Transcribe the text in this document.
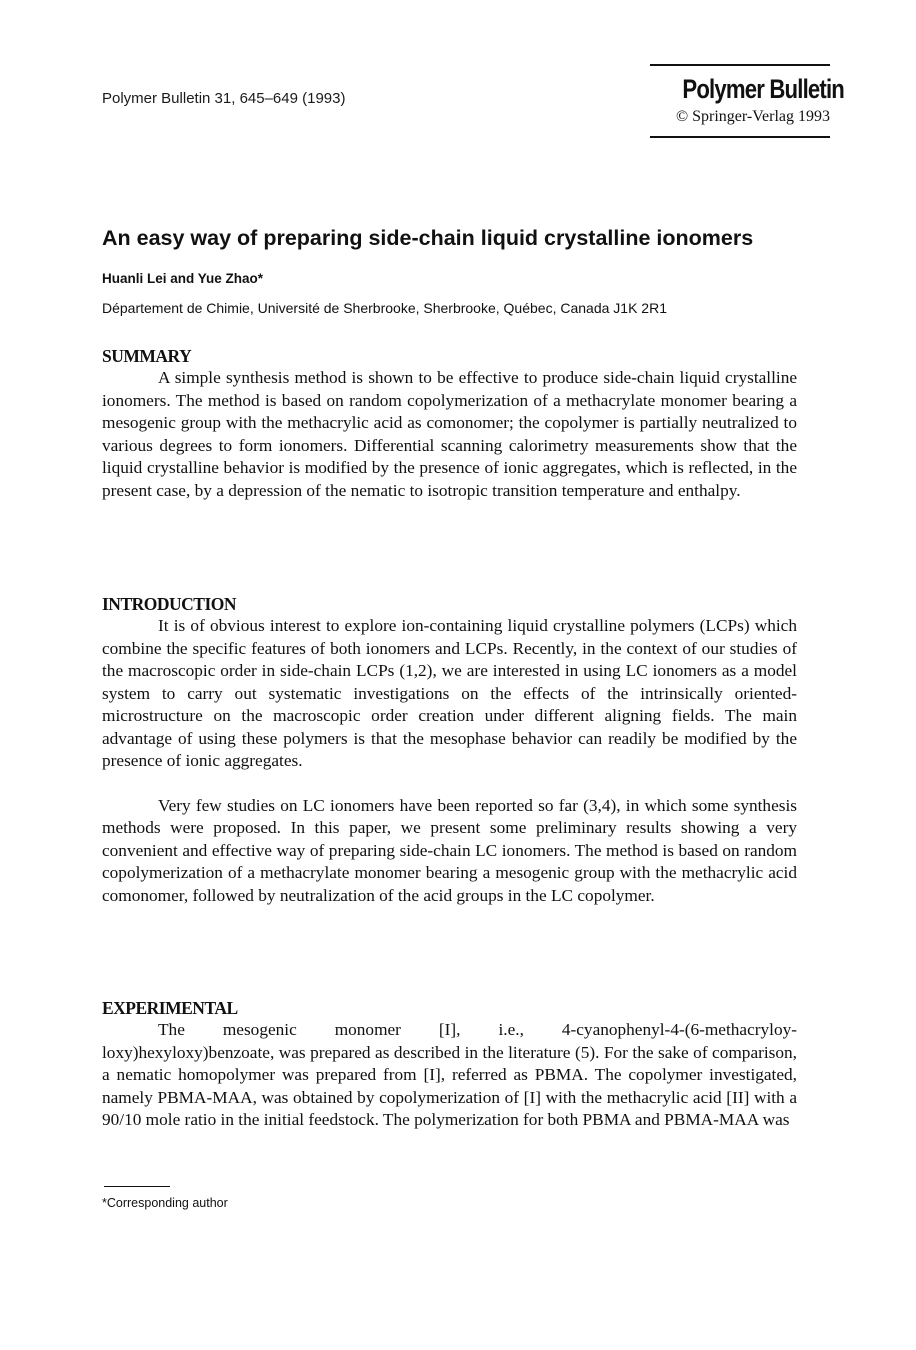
Polymer Bulletin 31, 645–649 (1993)	Polymer Bulletin
© Springer-Verlag 1993
An easy way of preparing side-chain liquid crystalline ionomers
Huanli Lei and Yue Zhao*
Département de Chimie, Université de Sherbrooke, Sherbrooke, Québec, Canada J1K 2R1
SUMMARY

A simple synthesis method is shown to be effective to produce side-chain liquid crystalline ionomers. The method is based on random copolymerization of a methacrylate monomer bearing a mesogenic group with the methacrylic acid as comonomer; the copolymer is partially neutralized to various degrees to form ionomers. Differential scanning calorimetry measurements show that the liquid crystalline behavior is modified by the presence of ionic aggregates, which is reflected, in the present case, by a depression of the nematic to isotropic transition temperature and enthalpy.

INTRODUCTION

It is of obvious interest to explore ion-containing liquid crystalline polymers (LCPs) which combine the specific features of both ionomers and LCPs. Recently, in the context of our studies of the macroscopic order in side-chain LCPs (1,2), we are interested in using LC ionomers as a model system to carry out systematic investigations on the effects of the intrinsically oriented-microstructure on the macroscopic order creation under different aligning fields. The main advantage of using these polymers is that the mesophase behavior can readily be modified by the presence of ionic aggregates.

Very few studies on LC ionomers have been reported so far (3,4), in which some synthesis methods were proposed. In this paper, we present some preliminary results showing a very convenient and effective way of preparing side-chain LC ionomers. The method is based on random copolymerization of a methacrylate monomer bearing a mesogenic group with the methacrylic acid comonomer, followed by neutralization of the acid groups in the LC copolymer.

EXPERIMENTAL

The mesogenic monomer [I], i.e., 4-cyanophenyl-4-(6-methacryloy-loxy)hexyloxy)benzoate, was prepared as described in the literature (5). For the sake of comparison, a nematic homopolymer was prepared from [I], referred as PBMA. The copolymer investigated, namely PBMA-MAA, was obtained by copolymerization of [I] with the methacrylic acid [II] with a 90/10 mole ratio in the initial feedstock. The polymerization for both PBMA and PBMA-MAA was

*Corresponding author
